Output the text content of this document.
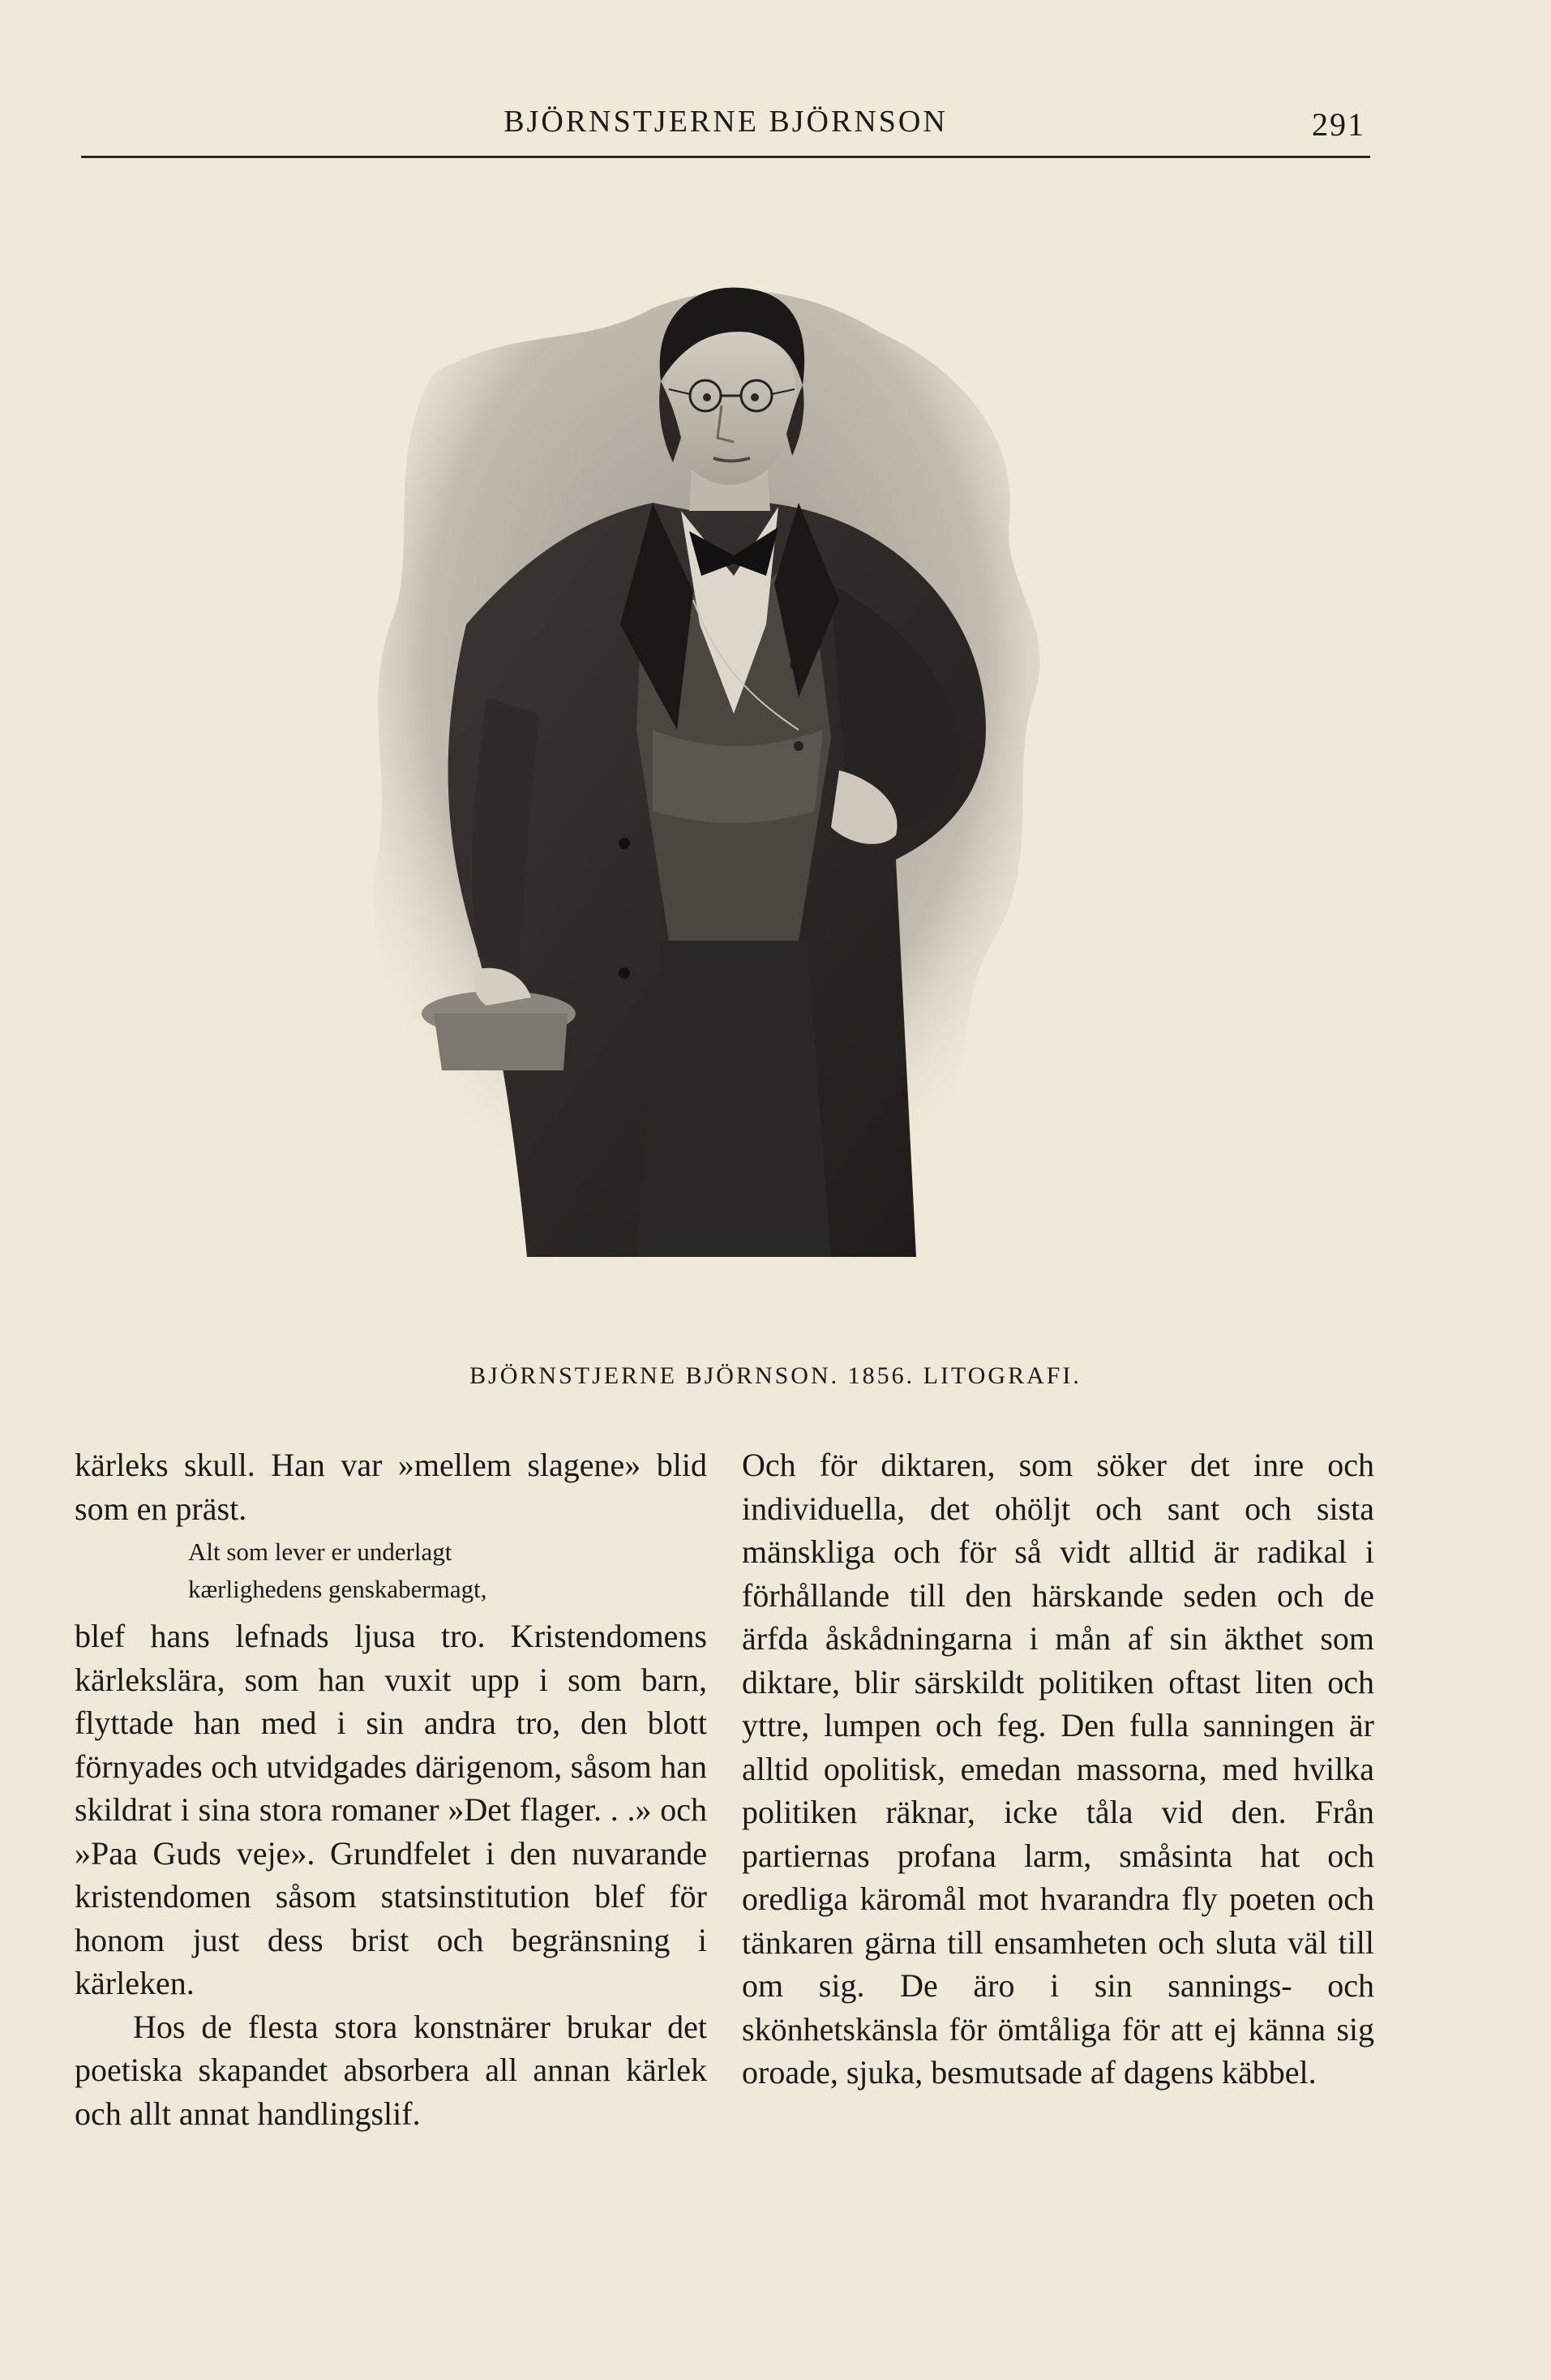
BJÖRNSTJERNE BJÖRNSON	291
BJÖRNSTJERNE BJÖRNSON. 1856. LITOGRAFI.

kärleks skull. Han var »mellem slagene» blid som en präst.

Alt som lever er underlagt
kærlighedens genskabermagt,

blef hans lefnads ljusa tro. Kristendomens kärlekslära, som han vuxit upp i som barn, flyttade han med i sin andra tro, den blott förnyades och utvidgades därigenom, såsom han skildrat i sina stora romaner »Det flager. . .» och »Paa Guds veje». Grundfelet i den nuvarande kristendomen såsom statsinstitution blef för honom just dess brist och begränsning i kärleken.

Hos de flesta stora konstnärer brukar det poetiska skapandet absorbera all annan kärlek och allt annat handlingslif.

Och för diktaren, som söker det inre och individuella, det ohöljt och sant och sista mänskliga och för så vidt alltid är radikal i förhållande till den härskande seden och de ärfda åskådningarna i mån af sin äkthet som diktare, blir särskildt politiken oftast liten och yttre, lumpen och feg. Den fulla sanningen är alltid opolitisk, emedan massorna, med hvilka politiken räknar, icke tåla vid den. Från partiernas profana larm, småsinta hat och oredliga käromål mot hvarandra fly poeten och tänkaren gärna till ensamheten och sluta väl till om sig. De äro i sin sannings- och skönhetskänsla för ömtåliga för att ej känna sig oroade, sjuka, besmutsade af dagens käbbel.
